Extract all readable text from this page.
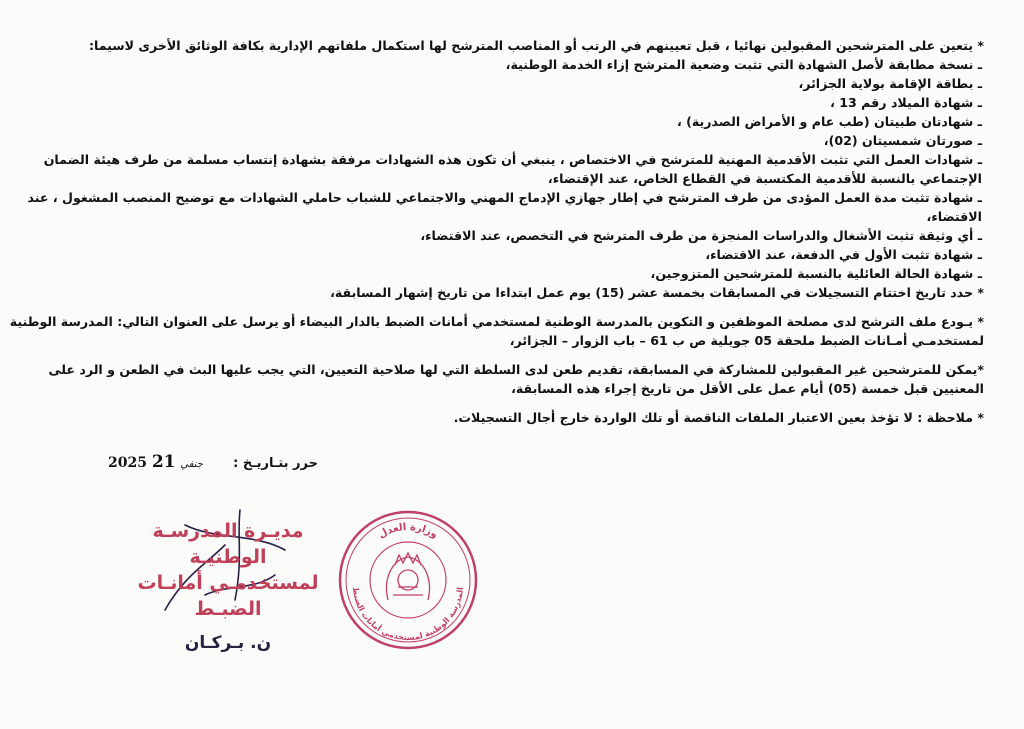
* يتعين على المترشحين المقبولين نهائيا ، قبل تعيينهم في الرتب أو المناصب المترشح لها استكمال ملفاتهم الإدارية بكافة الوثائق الأخرى لاسيما:

ـ نسخة مطابقة لأصل الشهادة التي تثبت وضعية المترشح إزاء الخدمة الوطنية،

ـ بطاقة الإقامة بولاية الجزائر،

ـ شهادة الميلاد رقم 13 ،

ـ شهادتان طبيتان (طب عام و الأمراض الصدرية) ،

ـ صورتان شمسيتان (02)،

ـ شهادات العمل التي تثبت الأقدمية المهنية للمترشح في الاختصاص ، ينبغي أن تكون هذه الشهادات مرفقة بشهادة إنتساب مسلمة من طرف هيئة الضمان الإجتماعي بالنسبة للأقدمية المكتسبة في القطاع الخاص، عند الإقتضاء،

ـ شهادة تثبت مدة العمل المؤدى من طرف المترشح في إطار جهازي الإدماج المهني والاجتماعي للشباب حاملي الشهادات مع توضيح المنصب المشغول ، عند الاقتضاء،

ـ أي وثيقة تثبت الأشغال والدراسات المنجزة من طرف المترشح في التخصص، عند الاقتضاء،

ـ شهادة تثبت الأول في الدفعة، عند الاقتضاء،

ـ شهادة الحالة العائلية بالنسبة للمترشحين المتزوجين،

* حدد تاريخ اختتام التسجيلات في المسابقات بخمسة عشر (15) يوم عمل ابتداءا من تاريخ إشهار المسابقة،

* يـودع ملف الترشح لدى مصلحة الموظفين و التكوين بالمدرسة الوطنية لمستخدمي أمانات الضبط بالدار البيضاء أو يرسل على العنوان التالي: المدرسة الوطنية لمستخدمـي أمـانات الضبط ملحقة 05 جويلية ص ب 61 – باب الزوار – الجزائر،

*يمكن للمترشحين غير المقبولين للمشاركة في المسابقة، تقديم طعن لدى السلطة التي لها صلاحية التعيين، التي يجب عليها البث في الطعن و الرد على المعنيين قبل خمسة (05) أيام عمل على الأقل من تاريخ إجراء هذه المسابقة،

* ملاحظة : لا تؤخذ بعين الاعتبار الملفات الناقصة أو تلك الواردة خارج أجال التسجيلات.

حرر بتـاريـخ :
2025	جنفي 21
مديـرة المدرسـة الوطنيـة
لمستخدمـي أمانـات الضبـط
ن. بـركـان
وزارة العدل
المدرسة الوطنية لمستخدمي أمانات الضبط
